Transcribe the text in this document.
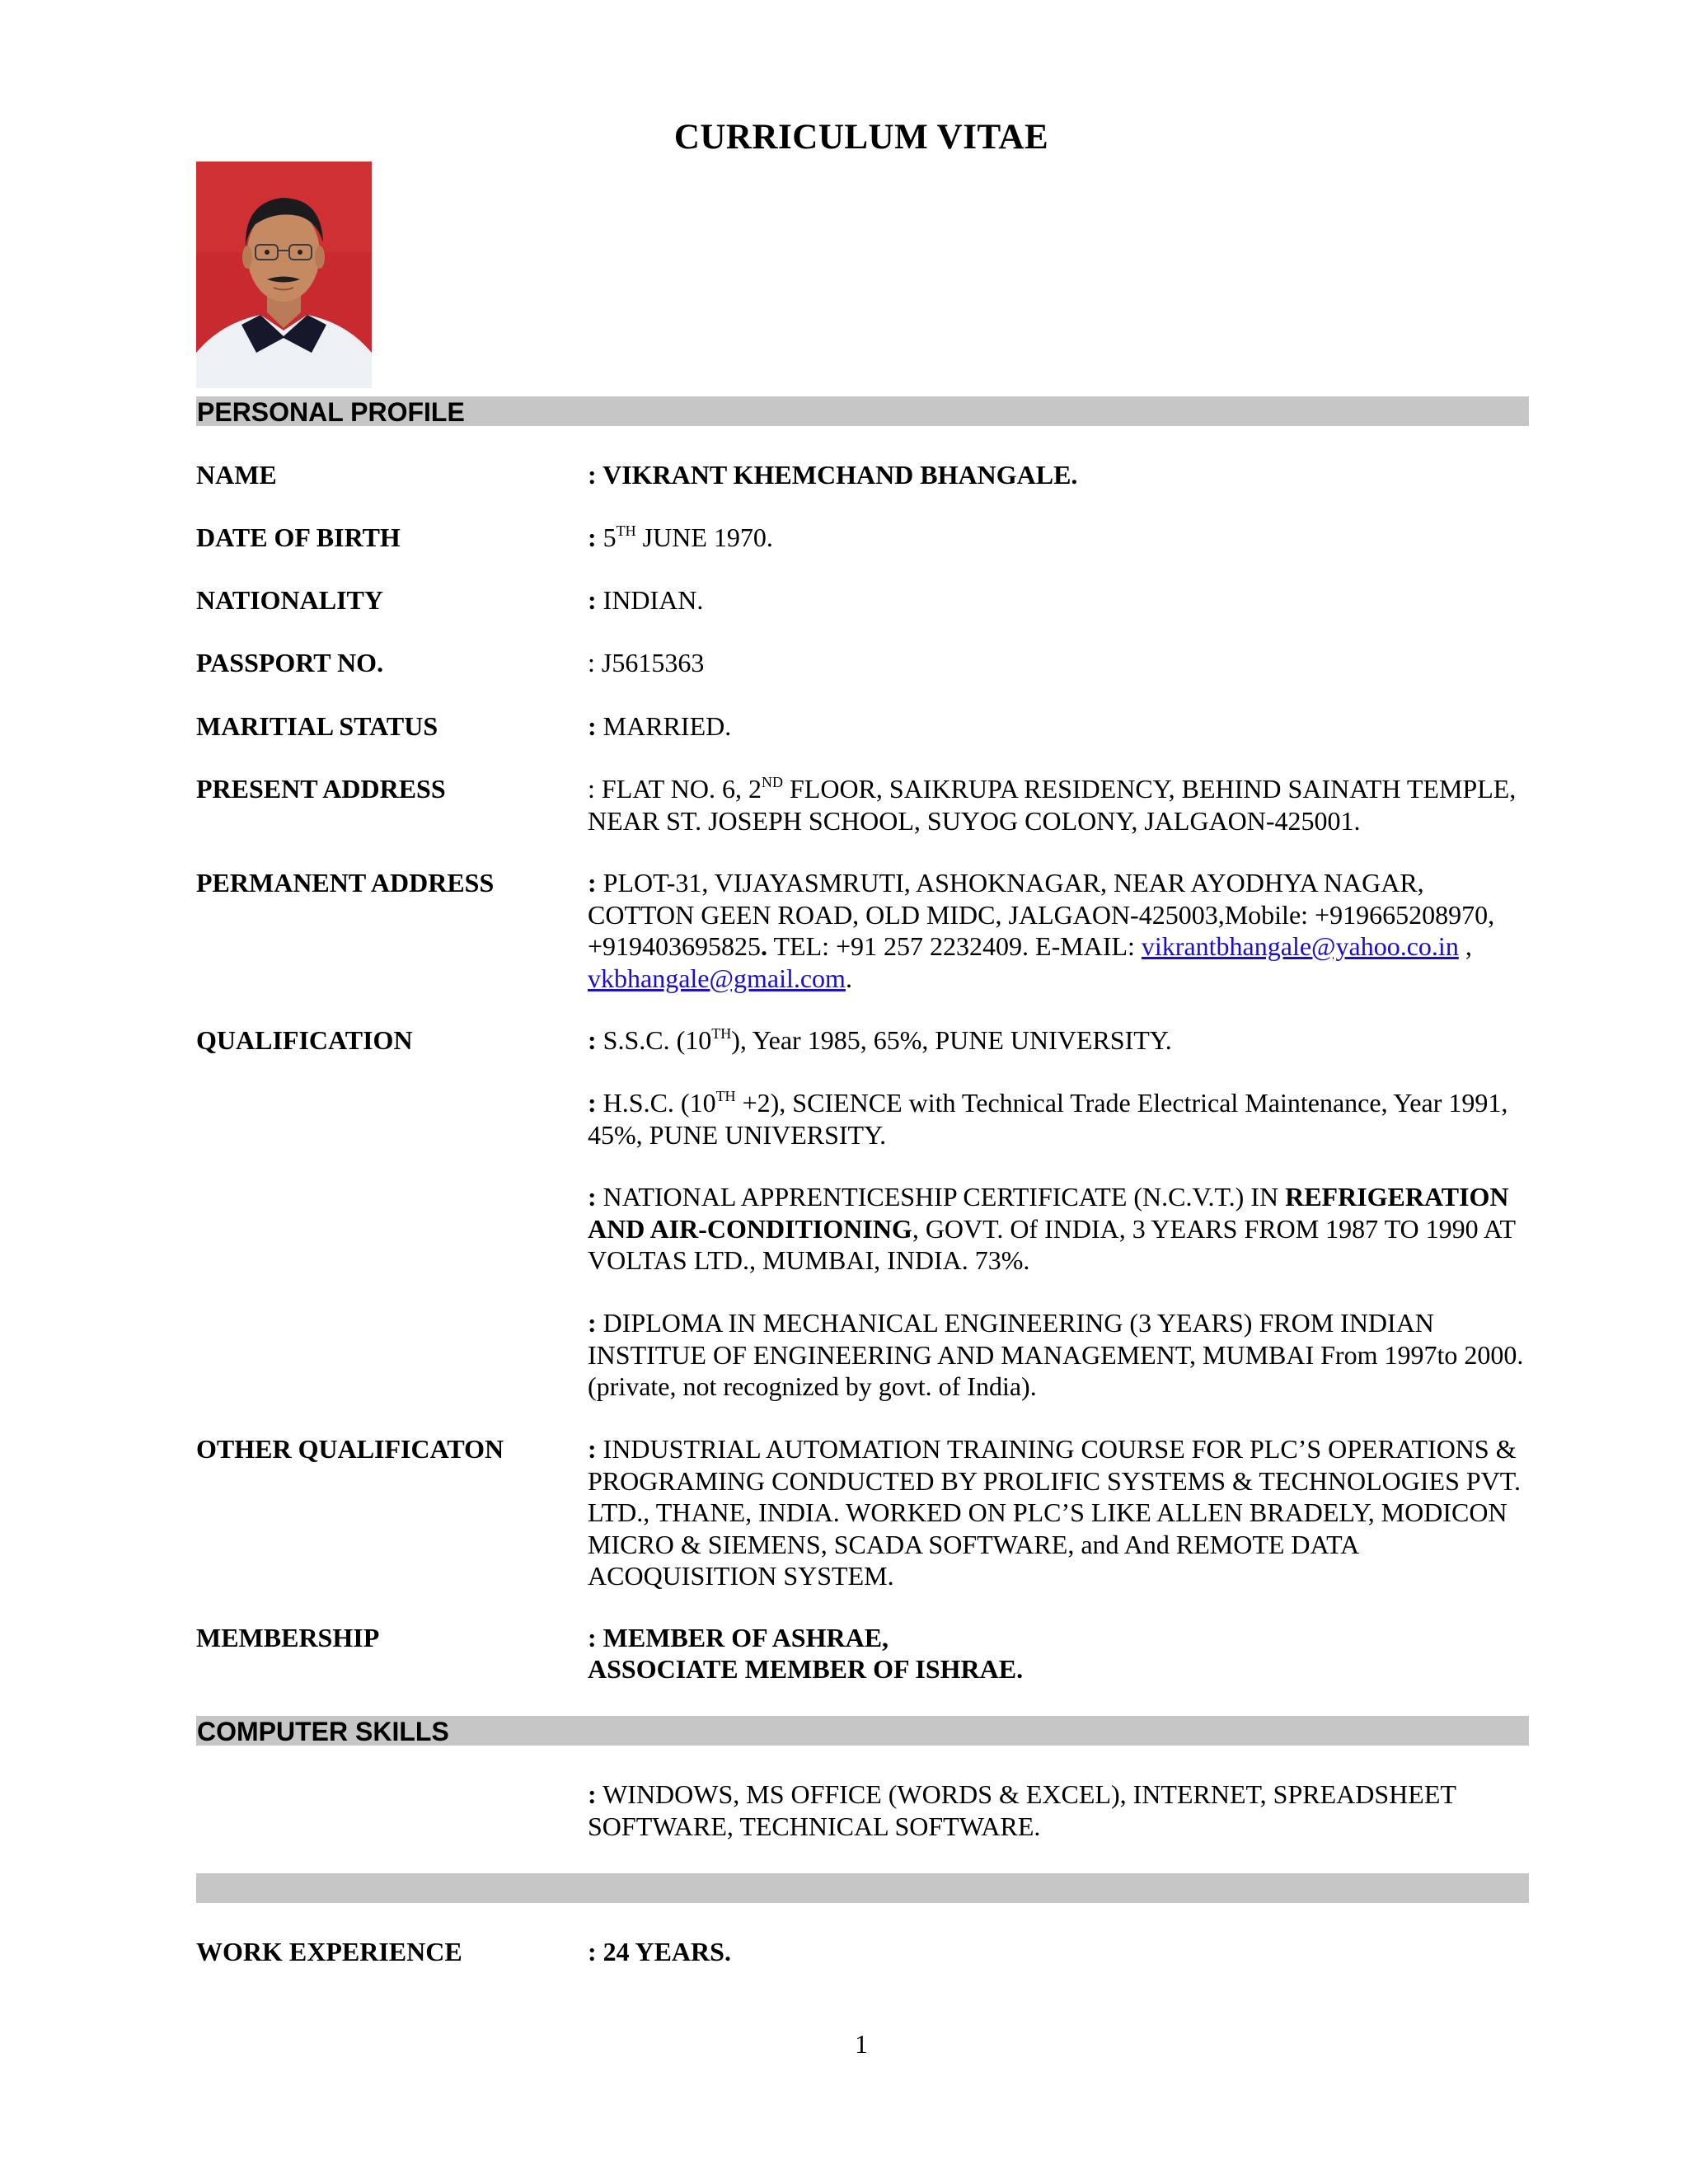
CURRICULUM VITAE
PERSONAL PROFILE
NAME	: VIKRANT KHEMCHAND BHANGALE.
DATE OF BIRTH	: 5TH JUNE 1970.
NATIONALITY	: INDIAN.
PASSPORT NO.	: J5615363
MARITIAL STATUS	: MARRIED.
PRESENT ADDRESS	: FLAT NO. 6, 2ND FLOOR, SAIKRUPA RESIDENCY, BEHIND SAINATH TEMPLE, NEAR ST. JOSEPH SCHOOL, SUYOG COLONY, JALGAON-425001.
PERMANENT ADDRESS	: PLOT-31, VIJAYASMRUTI, ASHOKNAGAR, NEAR AYODHYA NAGAR, COTTON GEEN ROAD, OLD MIDC, JALGAON-425003,Mobile: +919665208970, +919403695825. TEL: +91 257 2232409. E-MAIL: vikrantbhangale@yahoo.co.in , vkbhangale@gmail.com.
QUALIFICATION	: S.S.C. (10TH), Year 1985, 65%, PUNE UNIVERSITY.
: H.S.C. (10TH +2), SCIENCE with Technical Trade Electrical Maintenance, Year 1991, 45%, PUNE UNIVERSITY.
: NATIONAL APPRENTICESHIP CERTIFICATE (N.C.V.T.) IN REFRIGERATION AND AIR-CONDITIONING, GOVT. Of INDIA, 3 YEARS FROM 1987 TO 1990 AT VOLTAS LTD., MUMBAI, INDIA. 73%.
: DIPLOMA IN MECHANICAL ENGINEERING (3 YEARS) FROM INDIAN INSTITUE OF ENGINEERING AND MANAGEMENT, MUMBAI From 1997to 2000. (private, not recognized by govt. of India).
OTHER QUALIFICATON	: INDUSTRIAL AUTOMATION TRAINING COURSE FOR PLC’S OPERATIONS & PROGRAMING CONDUCTED BY PROLIFIC SYSTEMS & TECHNOLOGIES PVT. LTD., THANE, INDIA. WORKED ON PLC’S LIKE ALLEN BRADELY, MODICON MICRO & SIEMENS, SCADA SOFTWARE, and And REMOTE DATA ACOQUISITION SYSTEM.
MEMBERSHIP	: MEMBER OF ASHRAE,
ASSOCIATE MEMBER OF ISHRAE.
COMPUTER SKILLS
: WINDOWS, MS OFFICE (WORDS & EXCEL), INTERNET, SPREADSHEET SOFTWARE, TECHNICAL SOFTWARE.
WORK EXPERIENCE	: 24 YEARS.
1
